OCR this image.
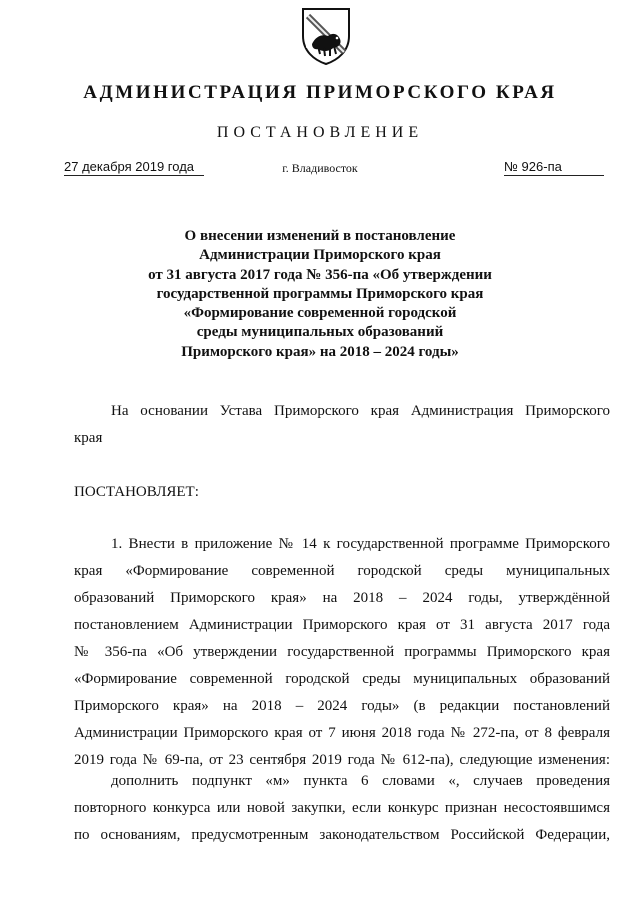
АДМИНИСТРАЦИЯ ПРИМОРСКОГО КРАЯ
ПОСТАНОВЛЕНИЕ
27 декабря 2019 года	г. Владивосток	№ 926-па
О внесении изменений в постановление
Администрации Приморского края
от 31 августа 2017 года № 356-па «Об утверждении
государственной программы Приморского края
«Формирование современной городской
среды муниципальных образований
Приморского края» на 2018 – 2024 годы»
На основании Устава Приморского края Администрация Приморского
края
ПОСТАНОВЛЯЕТ:
1. Внести в приложение № 14 к государственной программе Приморского
края «Формирование современной городской среды муниципальных
образований Приморского края» на 2018 – 2024 годы, утверждённой
постановлением Администрации Приморского края от 31 августа 2017 года
№ 356-па «Об утверждении государственной программы Приморского края
«Формирование современной городской среды муниципальных образований
Приморского края» на 2018 – 2024 годы» (в редакции постановлений
Администрации Приморского края от 7 июня 2018 года № 272-па, от 8 февраля
2019 года № 69-па, от 23 сентября 2019 года № 612-па), следующие изменения:
дополнить подпункт «м» пункта 6 словами «, случаев проведения
повторного конкурса или новой закупки, если конкурс признан несостоявшимся
по основаниям, предусмотренным законодательством Российской Федерации,
